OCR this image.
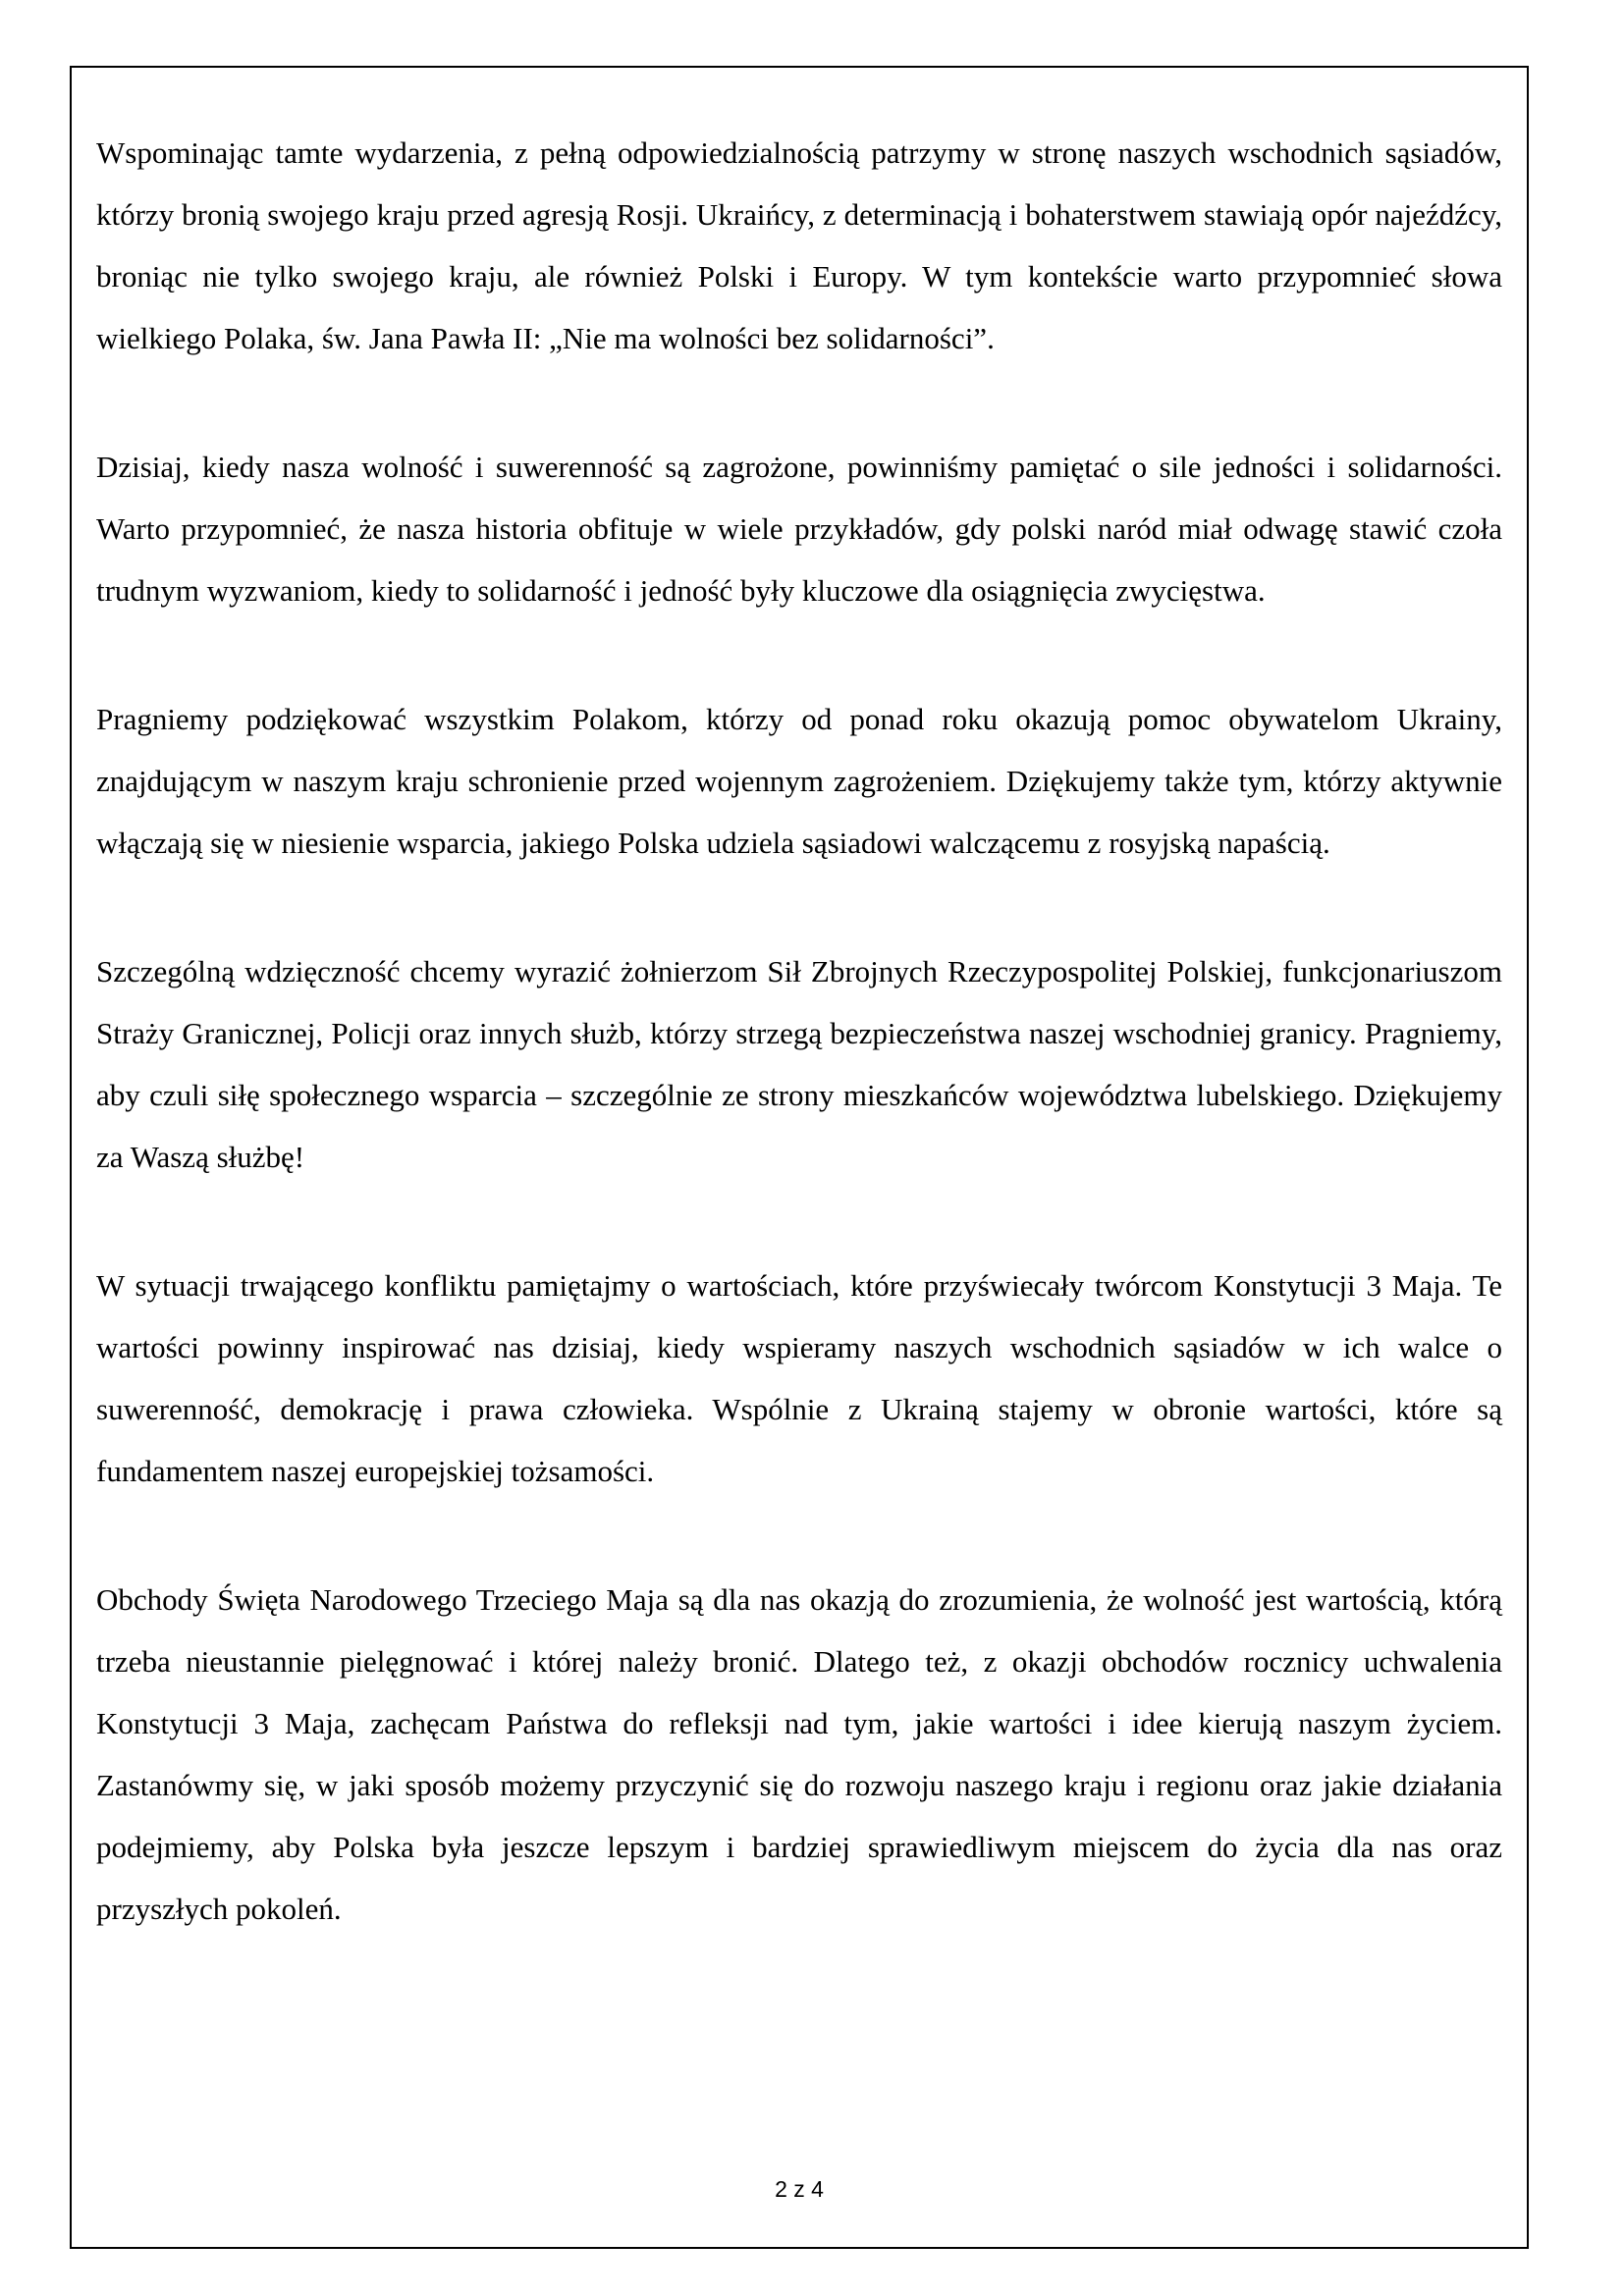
Wspominając tamte wydarzenia, z pełną odpowiedzialnością patrzymy w stronę naszych wschodnich sąsiadów, którzy bronią swojego kraju przed agresją Rosji. Ukraińcy, z determinacją i bohaterstwem stawiają opór najeźdźcy, broniąc nie tylko swojego kraju, ale również Polski i Europy. W tym kontekście warto przypomnieć słowa wielkiego Polaka, św. Jana Pawła II: „Nie ma wolności bez solidarności”.

Dzisiaj, kiedy nasza wolność i suwerenność są zagrożone, powinniśmy pamiętać o sile jedności i solidarności. Warto przypomnieć, że nasza historia obfituje w wiele przykładów, gdy polski naród miał odwagę stawić czoła trudnym wyzwaniom, kiedy to solidarność i jedność były kluczowe dla osiągnięcia zwycięstwa.

Pragniemy podziękować wszystkim Polakom, którzy od ponad roku okazują pomoc obywatelom Ukrainy, znajdującym w naszym kraju schronienie przed wojennym zagrożeniem. Dziękujemy także tym, którzy aktywnie włączają się w niesienie wsparcia, jakiego Polska udziela sąsiadowi walczącemu z rosyjską napaścią.

Szczególną wdzięczność chcemy wyrazić żołnierzom Sił Zbrojnych Rzeczypospolitej Polskiej, funkcjonariuszom Straży Granicznej, Policji oraz innych służb, którzy strzegą bezpieczeństwa naszej wschodniej granicy. Pragniemy, aby czuli siłę społecznego wsparcia – szczególnie ze strony mieszkańców województwa lubelskiego. Dziękujemy za Waszą służbę!

W sytuacji trwającego konfliktu pamiętajmy o wartościach, które przyświecały twórcom Konstytucji 3 Maja. Te wartości powinny inspirować nas dzisiaj, kiedy wspieramy naszych wschodnich sąsiadów w ich walce o suwerenność, demokrację i prawa człowieka. Wspólnie z Ukrainą stajemy w obronie wartości, które są fundamentem naszej europejskiej tożsamości.

Obchody Święta Narodowego Trzeciego Maja są dla nas okazją do zrozumienia, że wolność jest wartością, którą trzeba nieustannie pielęgnować i której należy bronić. Dlatego też, z okazji obchodów rocznicy uchwalenia Konstytucji 3 Maja, zachęcam Państwa do refleksji nad tym, jakie wartości i idee kierują naszym życiem. Zastanówmy się, w jaki sposób możemy przyczynić się do rozwoju naszego kraju i regionu oraz jakie działania podejmiemy, aby Polska była jeszcze lepszym i bardziej sprawiedliwym miejscem do życia dla nas oraz przyszłych pokoleń.

2 z 4
